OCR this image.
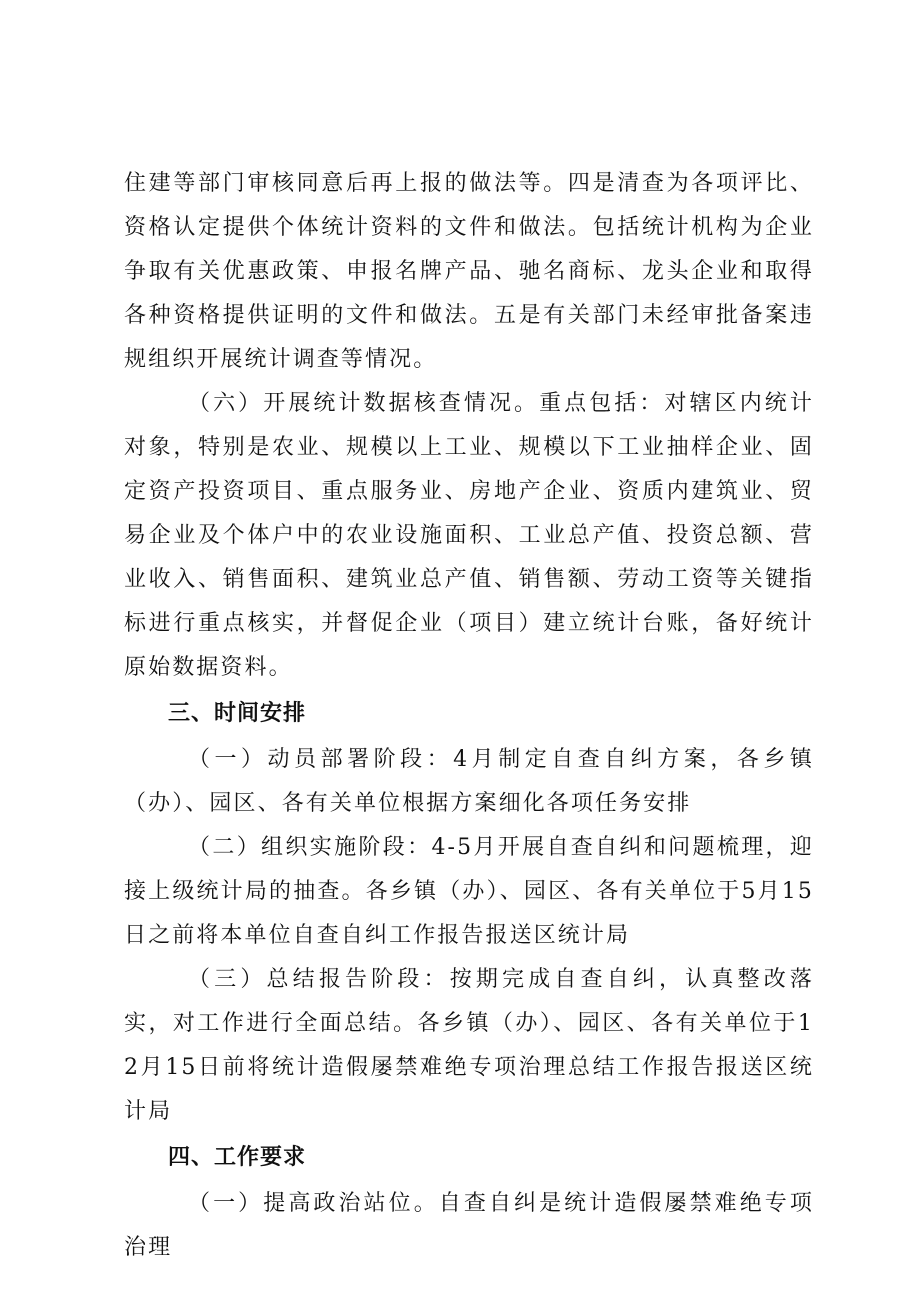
住建等部门审核同意后再上报的做法等。四是清查为各项评比、资格认定提供个体统计资料的文件和做法。包括统计机构为企业争取有关优惠政策、申报名牌产品、驰名商标、龙头企业和取得各种资格提供证明的文件和做法。五是有关部门未经审批备案违规组织开展统计调查等情况。

（六）开展统计数据核查情况。重点包括：对辖区内统计对象，特别是农业、规模以上工业、规模以下工业抽样企业、固定资产投资项目、重点服务业、房地产企业、资质内建筑业、贸易企业及个体户中的农业设施面积、工业总产值、投资总额、营业收入、销售面积、建筑业总产值、销售额、劳动工资等关键指标进行重点核实，并督促企业（项目）建立统计台账，备好统计原始数据资料。

三、时间安排

（一）动员部署阶段：4月制定自查自纠方案，各乡镇（办）、园区、各有关单位根据方案细化各项任务安排

（二）组织实施阶段：4-5月开展自查自纠和问题梳理，迎接上级统计局的抽查。各乡镇（办）、园区、各有关单位于5月15日之前将本单位自查自纠工作报告报送区统计局

（三）总结报告阶段：按期完成自查自纠，认真整改落实，对工作进行全面总结。各乡镇（办）、园区、各有关单位于12月15日前将统计造假屡禁难绝专项治理总结工作报告报送区统计局

四、工作要求

（一）提高政治站位。自查自纠是统计造假屡禁难绝专项治理
